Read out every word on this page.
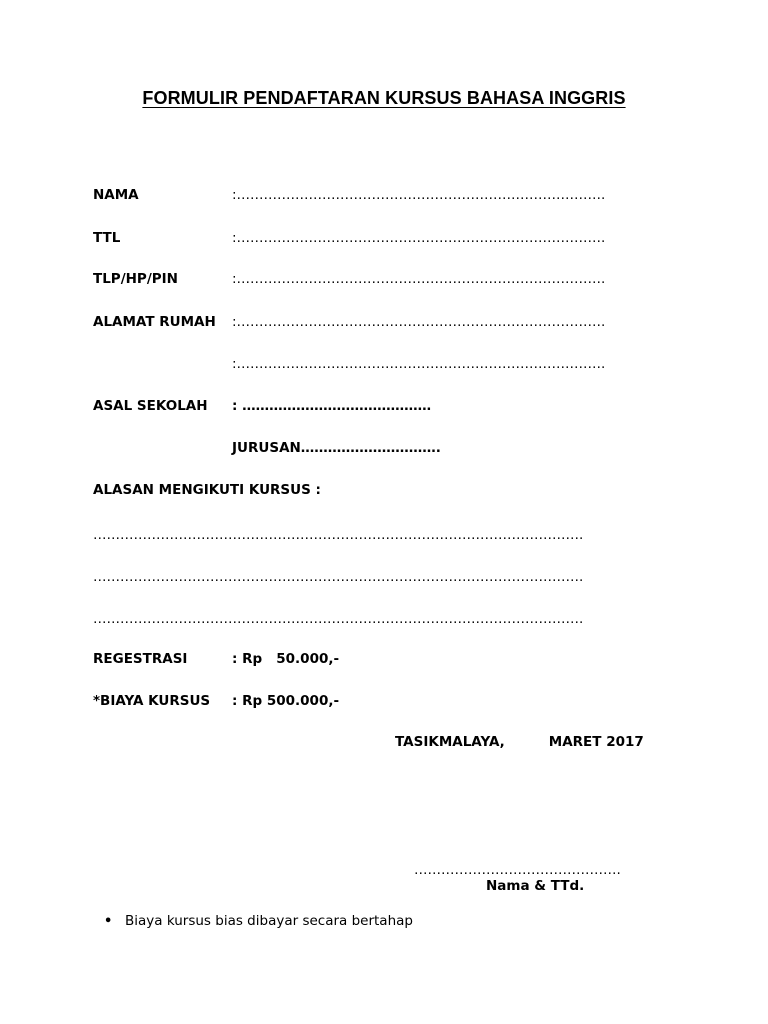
FORMULIR PENDAFTARAN KURSUS BAHASA INGGRIS
NAMA	:……………………………………………………………………….
TTL	:……………………………………………………………………….
TLP/HP/PIN	:……………………………………………………………………….
ALAMAT RUMAH :……………………………………………………………………….
:……………………………………………………………………….
ASAL SEKOLAH : ……………………………………
JURUSAN………………………….
ALASAN MENGIKUTI KURSUS :
……………………………………………………………………………………………….
……………………………………………………………………………………………….
……………………………………………………………………………………………….
REGESTRASI	: Rp   50.000,-
*BIAYA KURSUS : Rp 500.000,-
TASIKMALAYA,	MARET 2017
……………………………………….
Nama & TTd.
• Biaya kursus bias dibayar secara bertahap
